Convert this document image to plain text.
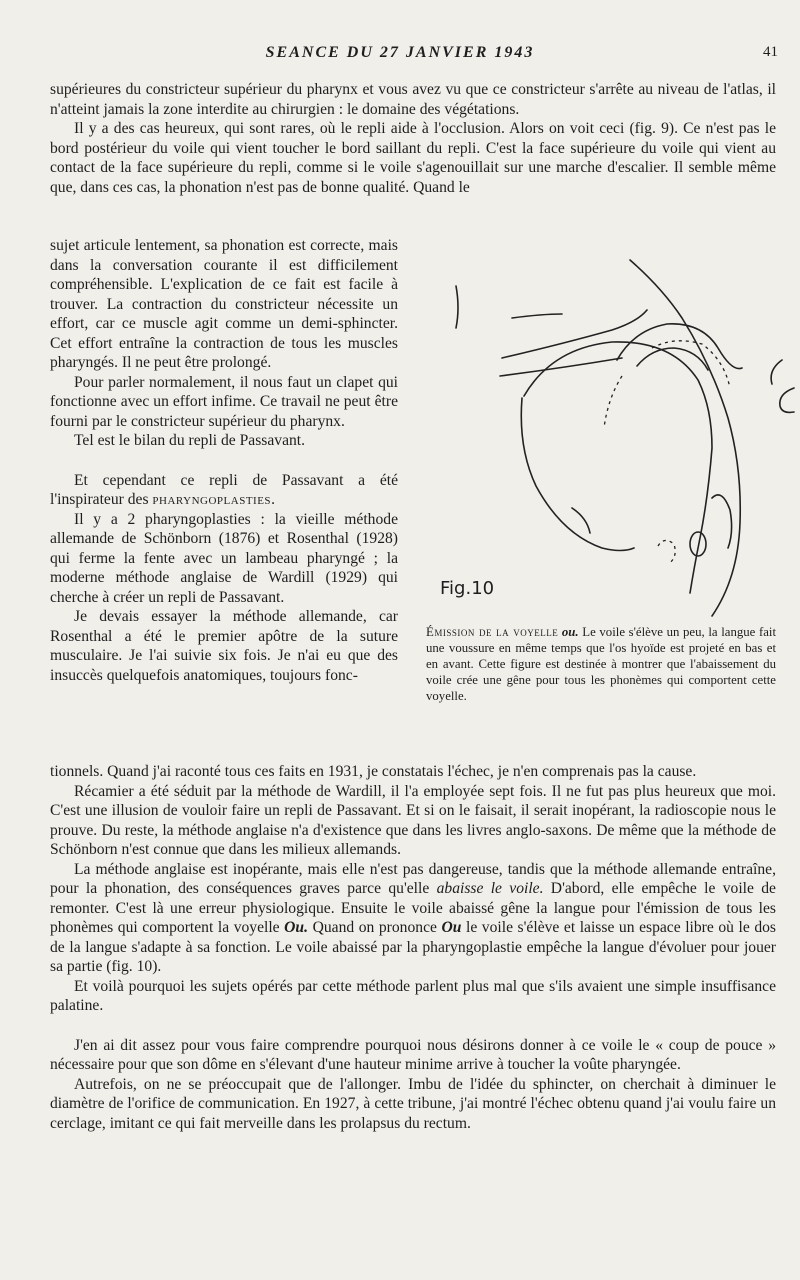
SEANCE DU 27 JANVIER 1943	41

supérieures du constricteur supérieur du pharynx et vous avez vu que ce constricteur s'arrête au niveau de l'atlas, il n'atteint jamais la zone interdite au chirurgien : le domaine des végétations.

Il y a des cas heureux, qui sont rares, où le repli aide à l'occlusion. Alors on voit ceci (fig. 9). Ce n'est pas le bord postérieur du voile qui vient toucher le bord saillant du repli. C'est la face supérieure du voile qui vient au contact de la face supérieure du repli, comme si le voile s'agenouillait sur une marche d'escalier. Il semble même que, dans ces cas, la phonation n'est pas de bonne qualité. Quand le

sujet articule lentement, sa phonation est correcte, mais dans la conversation courante il est difficilement compréhensible. L'explication de ce fait est facile à trouver. La contraction du constricteur nécessite un effort, car ce muscle agit comme un demi-sphincter. Cet effort entraîne la contraction de tous les muscles pharyngés. Il ne peut être prolongé.

Pour parler normalement, il nous faut un clapet qui fonctionne avec un effort infime. Ce travail ne peut être fourni par le constricteur supérieur du pharynx.

Tel est le bilan du repli de Passavant.

Et cependant ce repli de Passavant a été l'inspirateur des pharyngoplasties.

Il y a 2 pharyngoplasties : la vieille méthode allemande de Schönborn (1876) et Rosenthal (1928) qui ferme la fente avec un lambeau pharyngé ; la moderne méthode anglaise de Wardill (1929) qui cherche à créer un repli de Passavant.

Je devais essayer la méthode allemande, car Rosenthal a été le premier apôtre de la suture musculaire. Je l'ai suivie six fois. Je n'ai eu que des insuccès quelquefois anatomiques, toujours fonc-

Fig.10
Émission de la voyelle ou. Le voile s'élève un peu, la langue fait une voussure en même temps que l'os hyoïde est projeté en bas et en avant. Cette figure est destinée à montrer que l'abaissement du voile crée une gêne pour tous les phonèmes qui comportent cette voyelle.

tionnels. Quand j'ai raconté tous ces faits en 1931, je constatais l'échec, je n'en comprenais pas la cause.

Récamier a été séduit par la méthode de Wardill, il l'a employée sept fois. Il ne fut pas plus heureux que moi. C'est une illusion de vouloir faire un repli de Passavant. Et si on le faisait, il serait inopérant, la radioscopie nous le prouve. Du reste, la méthode anglaise n'a d'existence que dans les livres anglo-saxons. De même que la méthode de Schönborn n'est connue que dans les milieux allemands.

La méthode anglaise est inopérante, mais elle n'est pas dangereuse, tandis que la méthode allemande entraîne, pour la phonation, des conséquences graves parce qu'elle abaisse le voile. D'abord, elle empêche le voile de remonter. C'est là une erreur physiologique. Ensuite le voile abaissé gêne la langue pour l'émission de tous les phonèmes qui comportent la voyelle Ou. Quand on prononce Ou le voile s'élève et laisse un espace libre où le dos de la langue s'adapte à sa fonction. Le voile abaissé par la pharyngoplastie empêche la langue d'évoluer pour jouer sa partie (fig. 10).

Et voilà pourquoi les sujets opérés par cette méthode parlent plus mal que s'ils avaient une simple insuffisance palatine.

J'en ai dit assez pour vous faire comprendre pourquoi nous désirons donner à ce voile le « coup de pouce » nécessaire pour que son dôme en s'élevant d'une hauteur minime arrive à toucher la voûte pharyngée.

Autrefois, on ne se préoccupait que de l'allonger. Imbu de l'idée du sphincter, on cherchait à diminuer le diamètre de l'orifice de communication. En 1927, à cette tribune, j'ai montré l'échec obtenu quand j'ai voulu faire un cerclage, imitant ce qui fait merveille dans les prolapsus du rectum.
